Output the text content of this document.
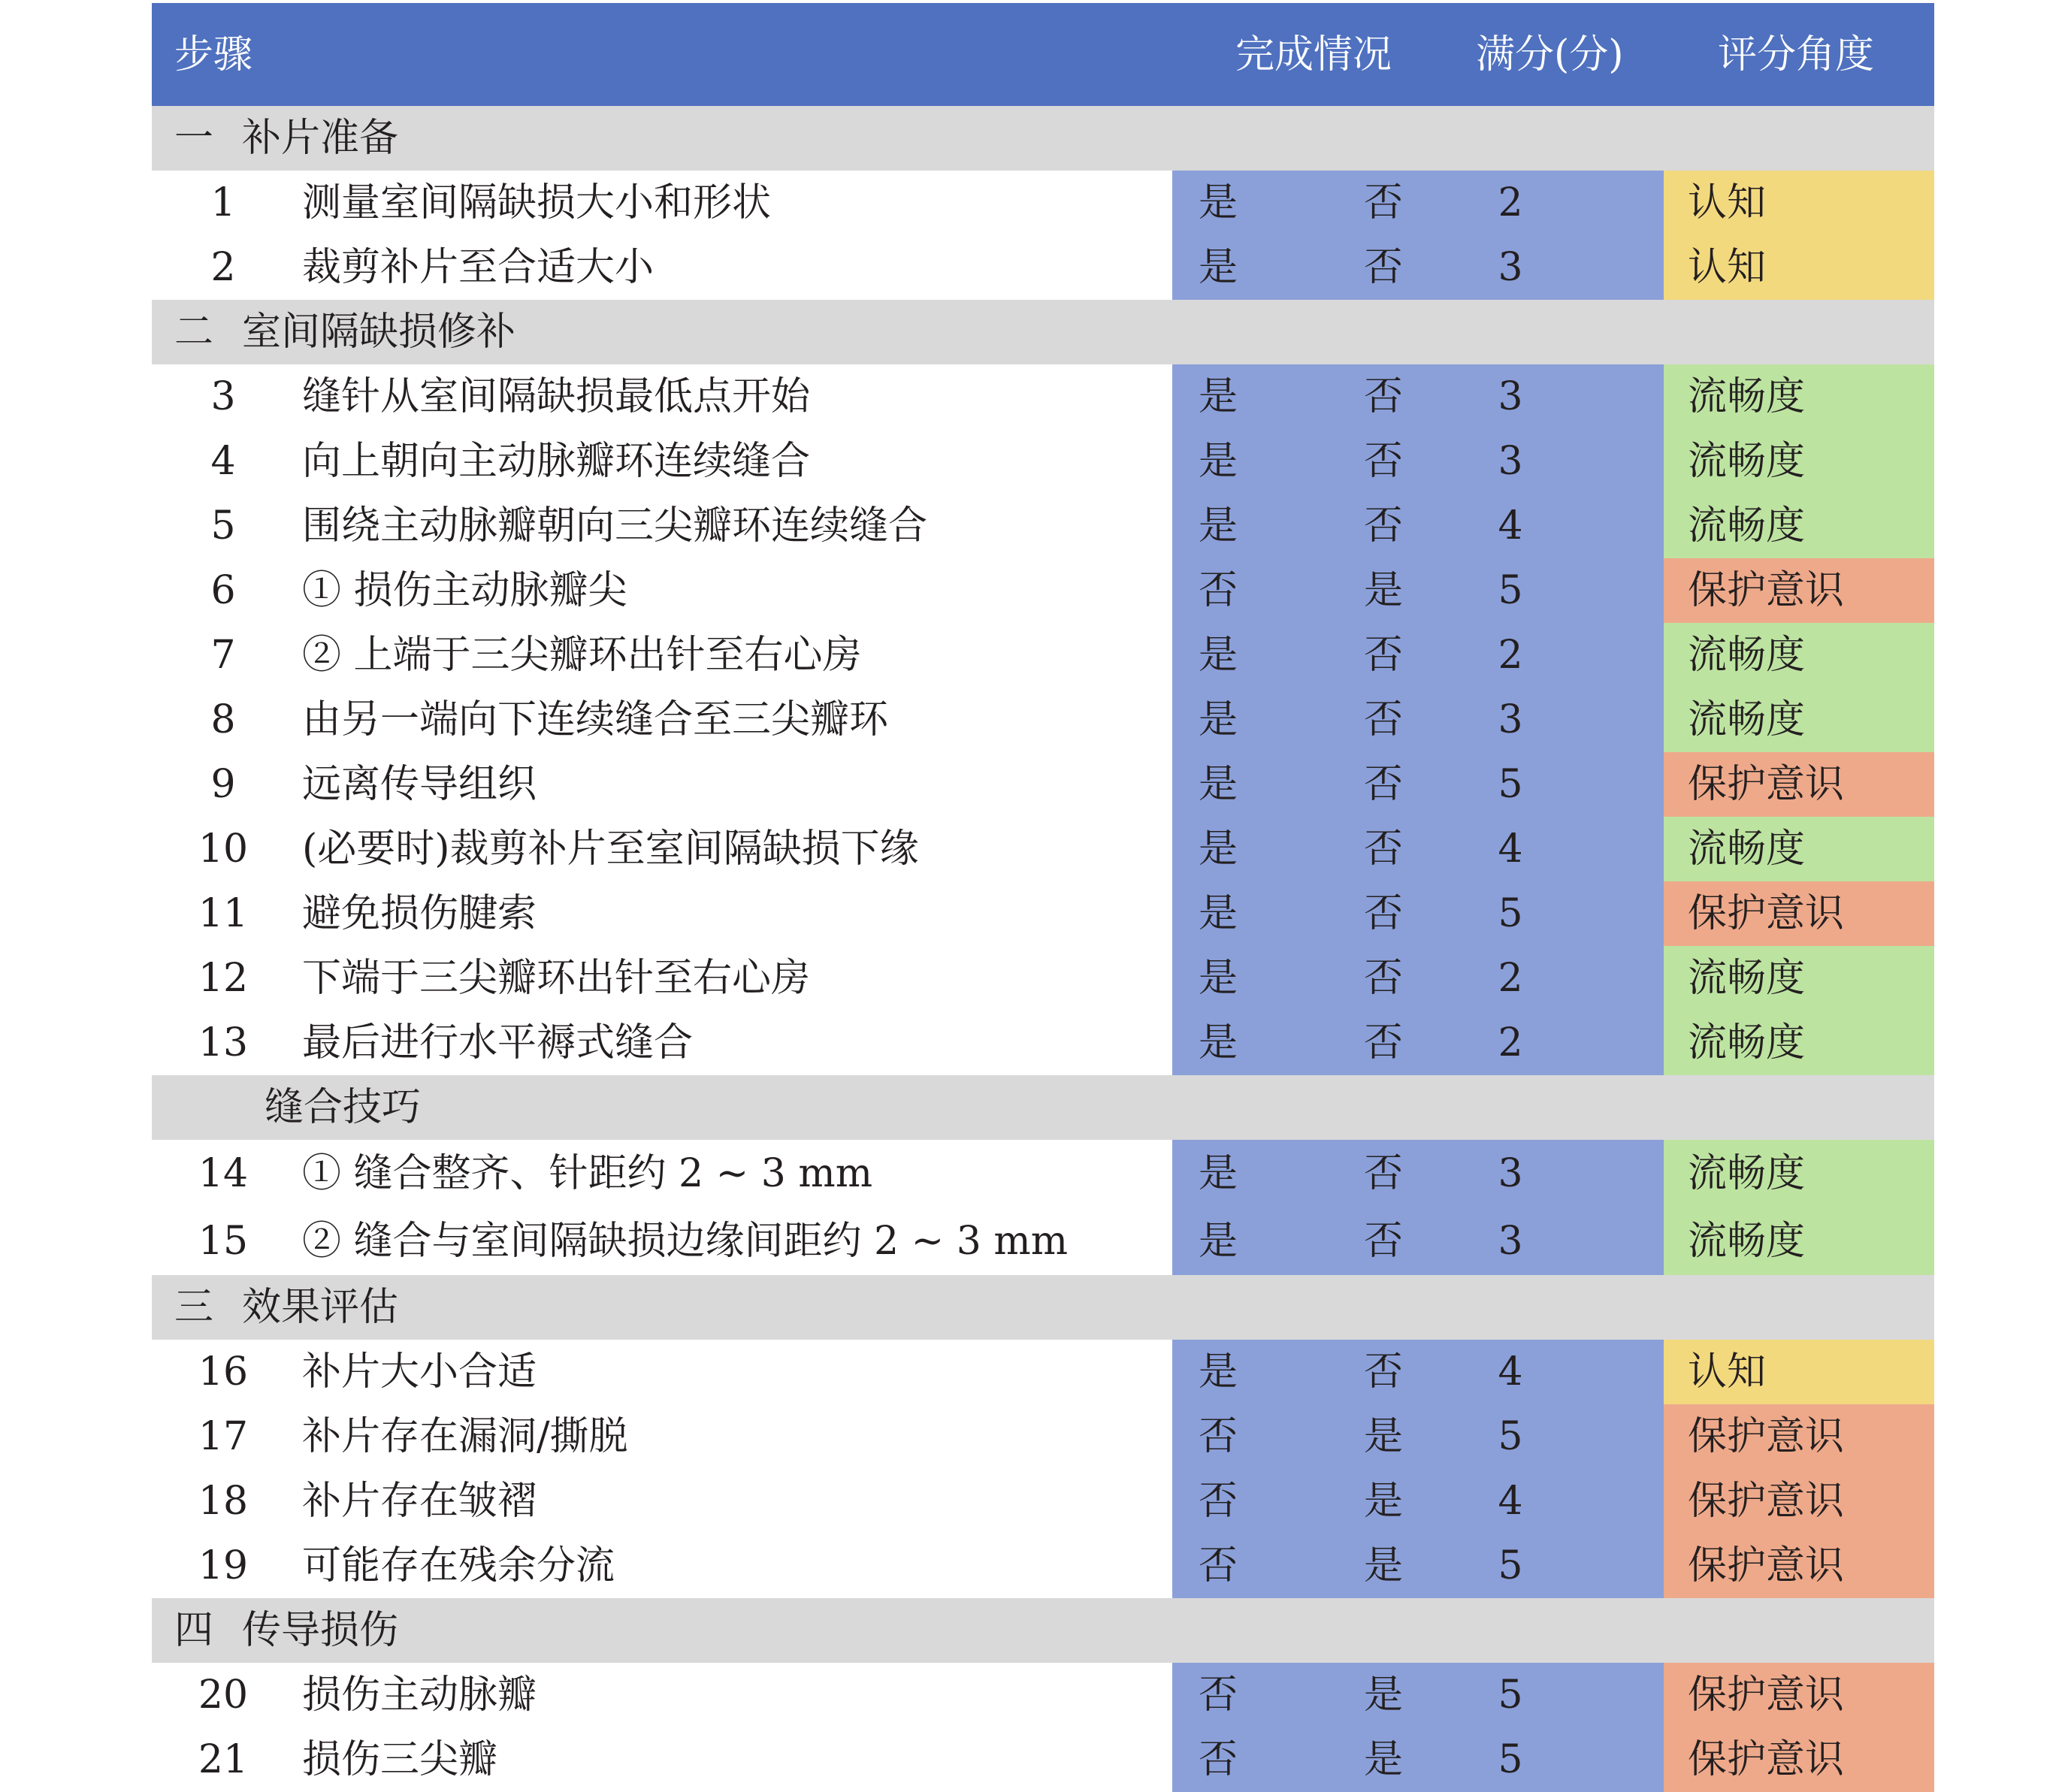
步骤	完成情况 满分(分) 评分角度
一 补片准备
1	测量室间隔缺损大小和形状	是	否 2	认知
2	裁剪补片至合适大小	是	否 3	认知
二 室间隔缺损修补
3	缝针从室间隔缺损最低点开始	是	否 3	流畅度
4	向上朝向主动脉瓣环连续缝合	是	否 3	流畅度
5	围绕主动脉瓣朝向三尖瓣环连续缝合	是	否 4	流畅度
6	① 损伤主动脉瓣尖	否	是 5	保护意识
7	② 上端于三尖瓣环出针至右心房	是	否 2	流畅度
8	由另一端向下连续缝合至三尖瓣环	是	否 3	流畅度
9	远离传导组织	是	否 5	保护意识
10 (必要时)裁剪补片至室间隔缺损下缘	是	否 4	流畅度
11 避免损伤腱索	是	否 5	保护意识
12 下端于三尖瓣环出针至右心房	是	否 2	流畅度
13 最后进行水平褥式缝合	是	否 2	流畅度
缝合技巧
14 ① 缝合整齐、针距约 2 ~ 3 mm	是	否 3	流畅度
15 ② 缝合与室间隔缺损边缘间距约 2 ~ 3 mm	是	否 3	流畅度
三 效果评估
16 补片大小合适	是	否 4	认知
17 补片存在漏洞/撕脱	否	是 5	保护意识
18 补片存在皱褶	否	是 4	保护意识
19 可能存在残余分流	否	是 5	保护意识
四 传导损伤
20 损伤主动脉瓣	否	是 5	保护意识
21 损伤三尖瓣	否	是 5	保护意识
